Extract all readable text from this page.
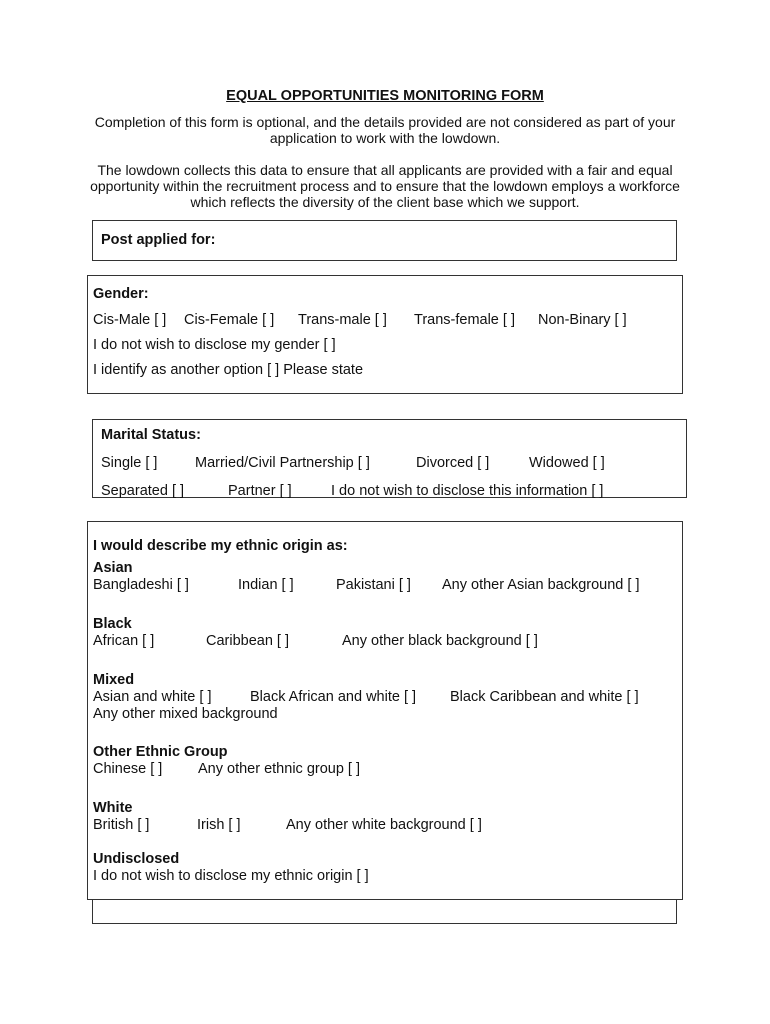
EQUAL OPPORTUNITIES MONITORING FORM
Completion of this form is optional, and the details provided are not considered as part of your application to work with the lowdown.
The lowdown collects this data to ensure that all applicants are provided with a fair and equal opportunity within the recruitment process and to ensure that the lowdown employs a workforce which reflects the diversity of the client base which we support.
Post applied for:
Gender:
Cis-Male [ ] Cis-Female [ ] Trans-male [ ] Trans-female [ ] Non-Binary [ ]
I do not wish to disclose my gender [ ]
I identify as another option [ ] Please state
Marital Status:
Single [ ]	Married/Civil Partnership [ ]	Divorced [ ]	Widowed [ ]
Separated [ ]	Partner [ ]	I do not wish to disclose this information [ ]
I would describe my ethnic origin as:
Asian
Bangladeshi [ ]	Indian [ ]	Pakistani [ ] Any other Asian background [ ]
Black
African [ ]	Caribbean [ ]	Any other black background [ ]
Mixed
Asian and white [ ]	Black African and white [ ] Black Caribbean and white [ ]
Any other mixed background
Other Ethnic Group
Chinese [ ] Any other ethnic group [ ]
White
British [ ]	Irish [ ]	Any other white background [ ]
Undisclosed
I do not wish to disclose my ethnic origin [ ]
